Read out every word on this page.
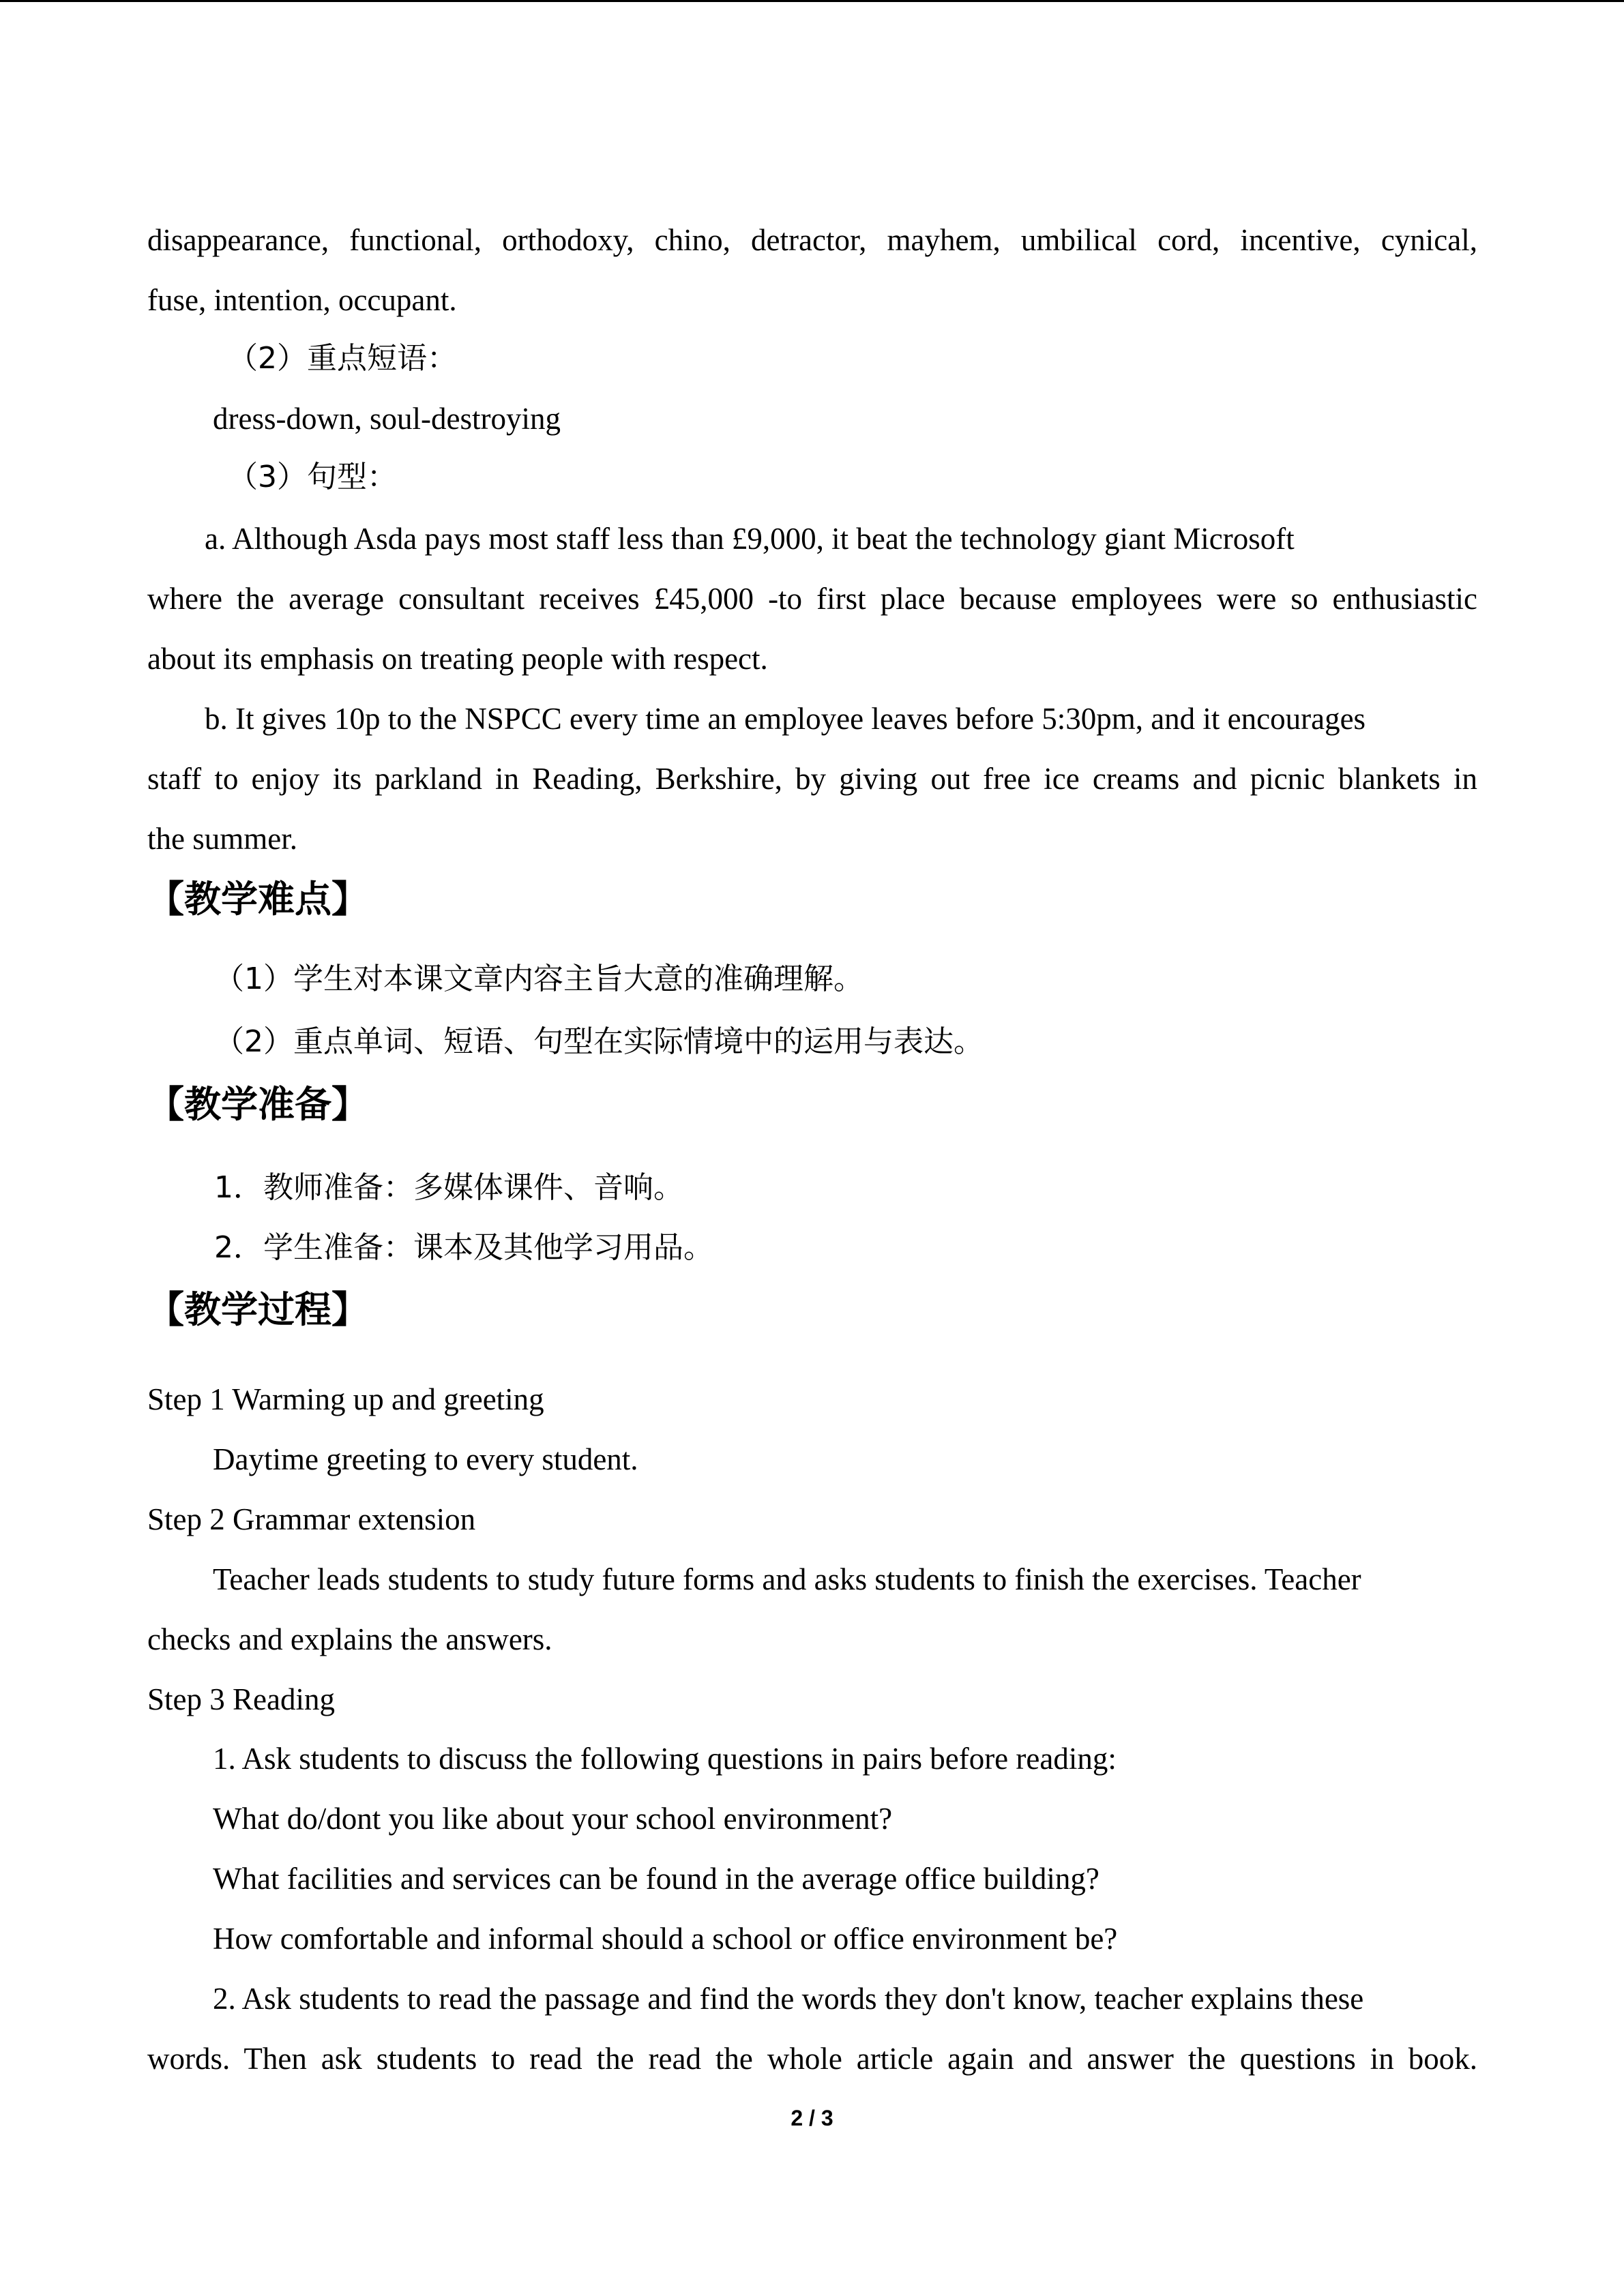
disappearance, functional, orthodoxy, chino, detractor, mayhem, umbilical cord, incentive, cynical,
fuse, intention, occupant.
（2）重点短语：
dress-down, soul-destroying
（3）句型：
a. Although Asda pays most staff less than £9,000, it beat the technology giant Microsoft
where the average consultant receives £45,000 -to first place because employees were so enthusiastic
about its emphasis on treating people with respect.
b. It gives 10p to the NSPCC every time an employee leaves before 5:30pm, and it encourages
staff to enjoy its parkland in Reading, Berkshire, by giving out free ice creams and picnic blankets in
the summer.
【教学难点】
（1）学生对本课文章内容主旨大意的准确理解。
（2）重点单词、短语、句型在实际情境中的运用与表达。
【教学准备】
1．教师准备：多媒体课件、音响。
2．学生准备：课本及其他学习用品。
【教学过程】
Step 1 Warming up and greeting
Daytime greeting to every student.
Step 2 Grammar extension
Teacher leads students to study future forms and asks students to finish the exercises. Teacher
checks and explains the answers.
Step 3 Reading
1. Ask students to discuss the following questions in pairs before reading:
What do/dont you like about your school environment?
What facilities and services can be found in the average office building?
How comfortable and informal should a school or office environment be?
2. Ask students to read the passage and find the words they don't know, teacher explains these
words. Then ask students to read the read the whole article again and answer the questions in book.
2 / 3
